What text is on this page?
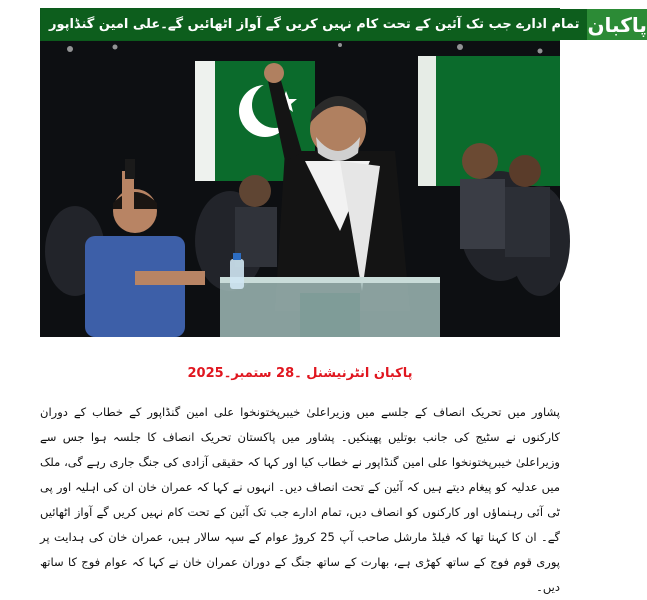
تمام ادارے جب تک آئین کے تحت کام نہیں کریں گے آواز اٹھائیں گے۔علی امین گنڈاپور پاکبان
پاکبان انٹرنیشنل ۔28 ستمبر۔2025
پشاور میں تحریک انصاف کے جلسے میں وزیراعلیٰ خیبرپختونخوا علی امین گنڈاپور کے خطاب کے دوران کارکنوں نے سٹیج کی جانب بوتلیں پھینکیں۔ پشاور میں پاکستان تحریک انصاف کا جلسہ ہوا جس سے وزیراعلیٰ خیبرپختونخوا علی امین گنڈاپور نے خطاب کیا اور کہا کہ حقیقی آزادی کی جنگ جاری رہے گی، ملک میں عدلیہ کو پیغام دیتے ہیں کہ آئین کے تحت انصاف دیں۔ انہوں نے کہا کہ عمران خان ان کی اہلیہ اور پی ٹی آئی رہنماؤں اور کارکنوں کو انصاف دیں، تمام ادارے جب تک آئین کے تحت کام نہیں کریں گے آواز اٹھائیں گے۔ ان کا کہنا تھا کہ فیلڈ مارشل صاحب آپ 25 کروڑ عوام کے سپہ سالار ہیں، عمران خان کی ہدایت پر پوری قوم فوج کے ساتھ کھڑی ہے، بھارت کے ساتھ جنگ کے دوران عمران خان نے کہا کہ عوام فوج کا ساتھ دیں۔
